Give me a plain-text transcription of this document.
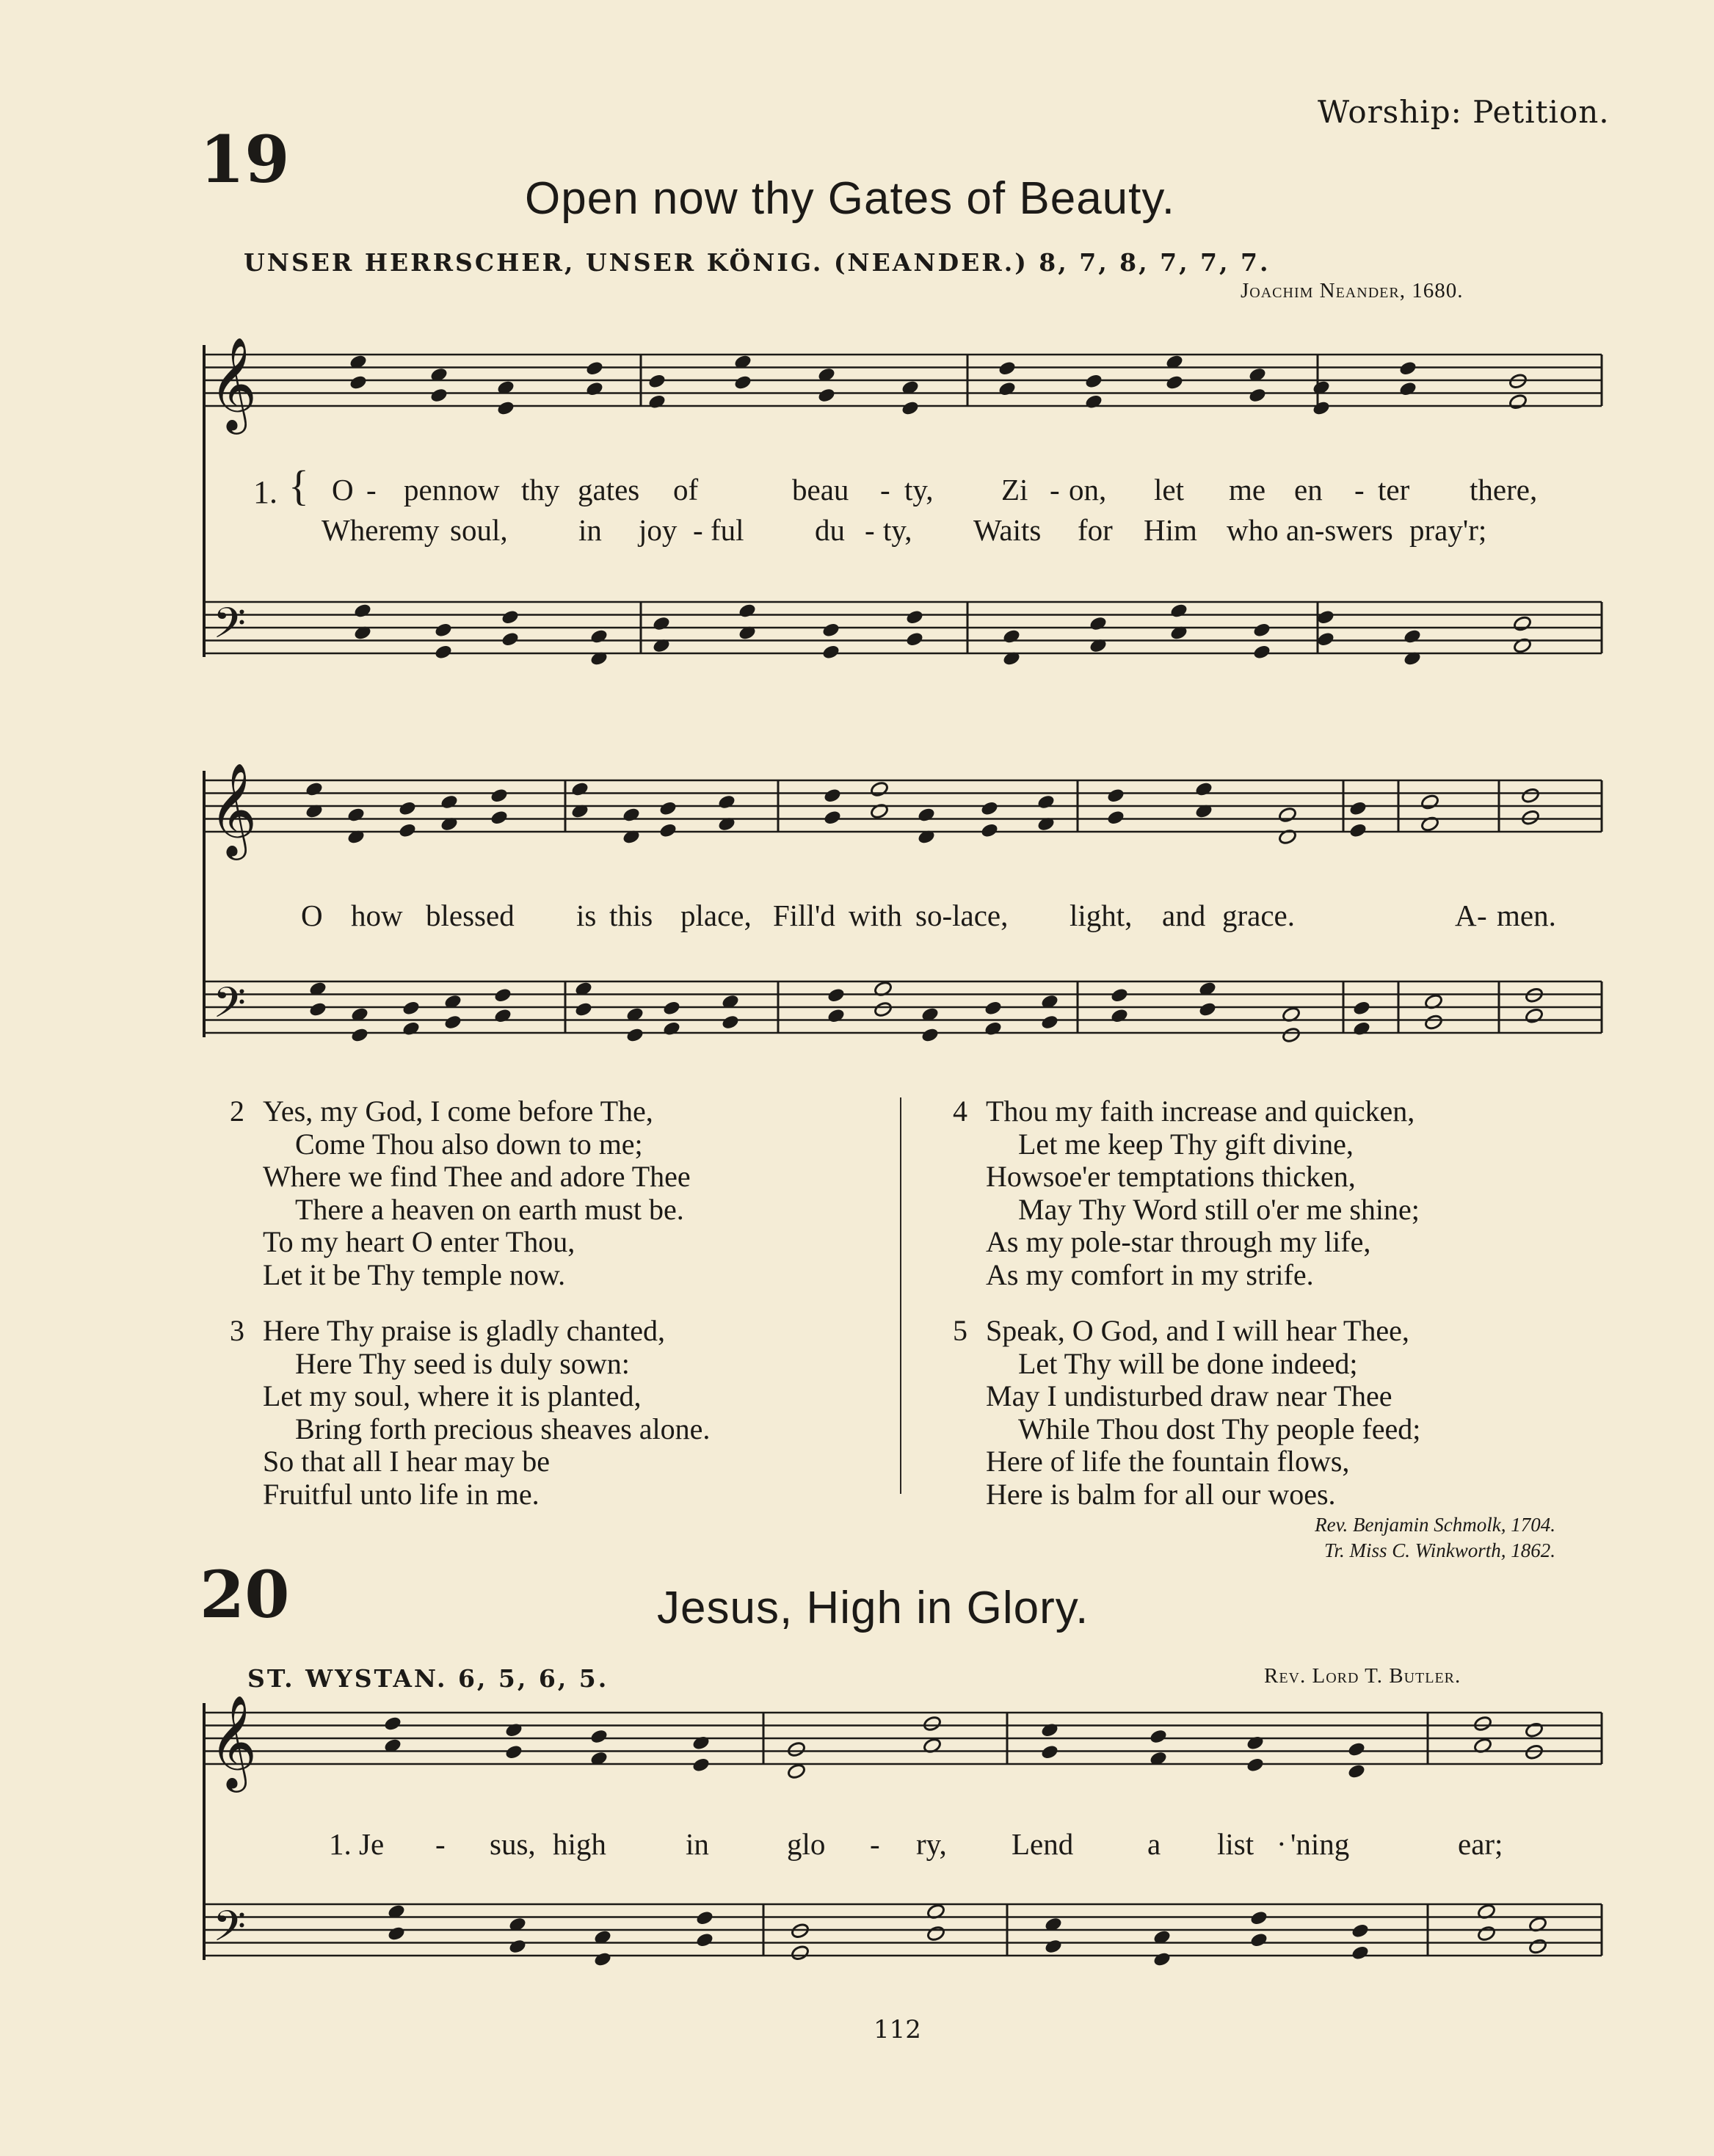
Worship: Petition.
19
Open now thy Gates of Beauty.
UNSER HERRSCHER, UNSER KÖNIG. (NEANDER.) 8, 7, 8, 7, 7, 7.
Joachim Neander, 1680.
𝄞
𝄢
𝄞
𝄢
𝄞
𝄢
1. { O - pen now thy gates of	beau - ty, Zi - on, let me en - ter there,
Where
my soul, in joy - ful du - ty, Waits for Him who an-swers pray'r;
O how blessed is this place, Fill'd with so-lace, light, and grace.	A - men.
2 Yes, my God, I come before The,
Come Thou also down to me;
Where we find Thee and adore Thee
There a heaven on earth must be.
To my heart O enter Thou,
Let it be Thy temple now.
3 Here Thy praise is gladly chanted,
Here Thy seed is duly sown:
Let my soul, where it is planted,
Bring forth precious sheaves alone.
So that all I hear may be
Fruitful unto life in me.
4 Thou my faith increase and quicken,
Let me keep Thy gift divine,
Howsoe'er temptations thicken,
May Thy Word still o'er me shine;
As my pole-star through my life,
As my comfort in my strife.
5 Speak, O God, and I will hear Thee,
Let Thy will be done indeed;
May I undisturbed draw near Thee
While Thou dost Thy people feed;
Here of life the fountain flows,
Here is balm for all our woes.
Rev. Benjamin Schmolk, 1704.
Tr. Miss C. Winkworth, 1862.
20	Jesus, High in Glory.
ST. WYSTAN. 6, 5, 6, 5.	Rev. Lord T. Butler.
1. Je - sus, high	in	glo - ry, Lend a list · 'ning	ear;
112
